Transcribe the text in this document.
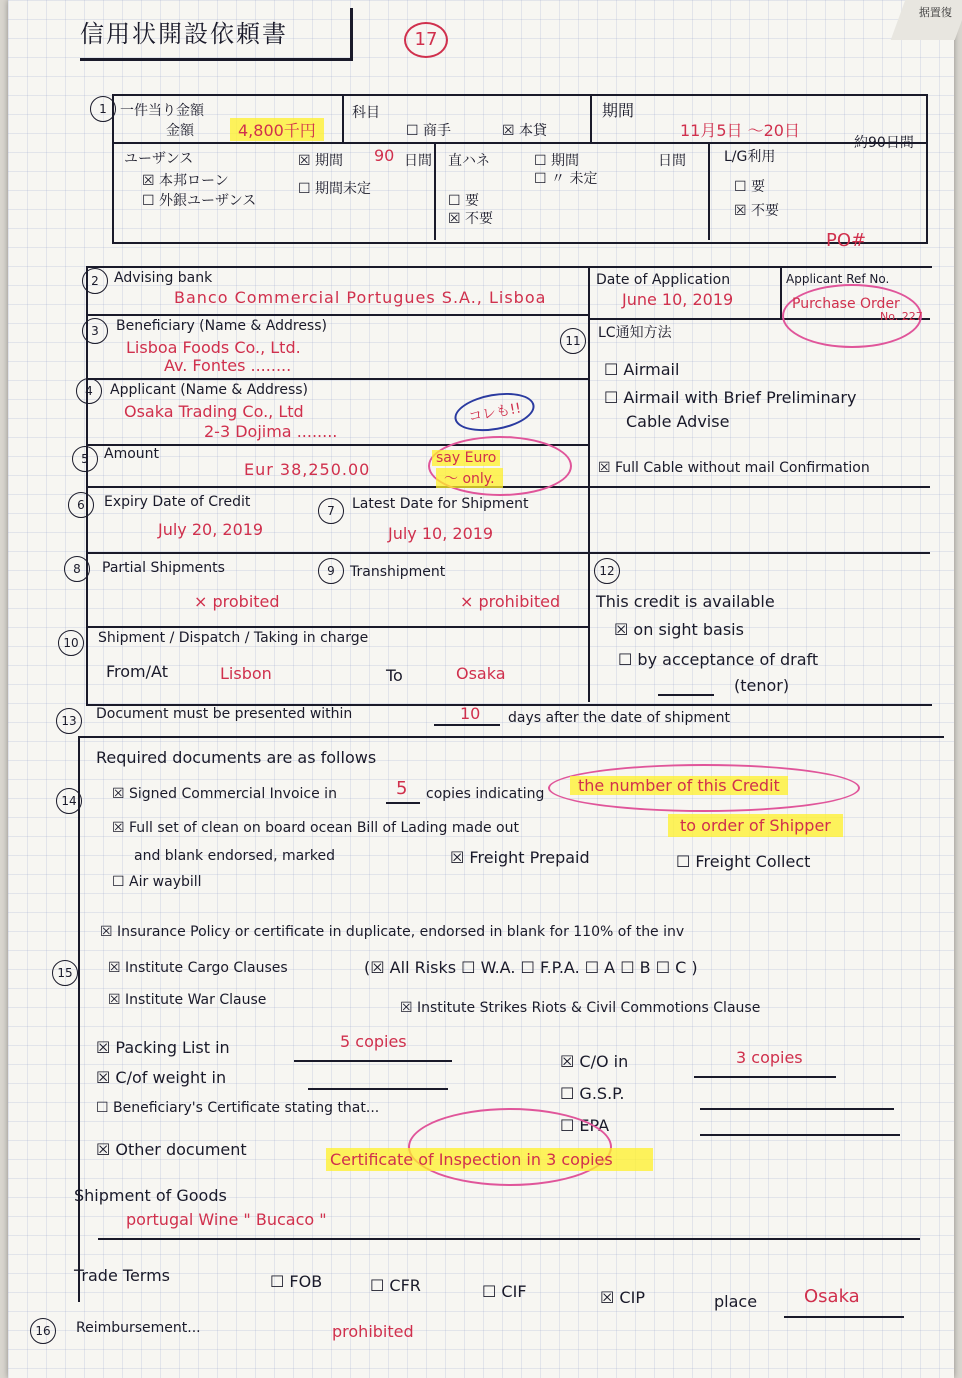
信用状開設依頼書	17
1 一件当り金額
金額	4,800千円
科目
☐ 商手	☒ 本貸
期間
11月5日 〜20日
約90日間
ユーザンス
☒ 本邦ローン
☐ 外銀ユーザンス
☒ 期間 90 日間
☐ 期間未定
直ハネ
☐ 要
☒ 不要
☐ 期間	日間
☐ 〃 未定
L/G利用
☐ 要
☒ 不要
PO#
2	Advising bank
Banco Commercial Portugues S.A., Lisboa
Date of Application
June 10, 2019
Applicant Ref No.
Purchase Order
No. 227
3	Beneficiary (Name & Address)
Lisboa Foods Co., Ltd.
Av. Fontes ........
11	LC通知方法
☐ Airmail
☐ Airmail with Brief Preliminary
Cable Advise
☒ Full Cable without mail Confirmation
4	Applicant (Name & Address)
Osaka Trading Co., Ltd
2-3 Dojima ........
コレも!!
5	Amount
Eur 38,250.00
say Euro
〜 only.
6	Expiry Date of Credit
July 20, 2019
7	Latest Date for Shipment
July 10, 2019
8	Partial Shipments
× probited
9	Transhipment
× prohibited
12
This credit is available
☒ on sight basis
☐ by acceptance of draft
(tenor)
10	Shipment / Dispatch / Taking in charge
From/At	Lisbon	To	Osaka
13	Document must be presented within	10 days after the date of shipment
14
Required documents are as follows
☒ Signed Commercial Invoice in	5 copies indicating	the number of this Credit
☒ Full set of clean on board ocean Bill of Lading made out	to order of Shipper
and blank endorsed, marked	☒ Freight Prepaid	☐ Freight Collect
☐ Air waybill
15
☒ Insurance Policy or certificate in duplicate, endorsed in blank for 110% of the inv
☒ Institute Cargo Clauses	(☒ All Risks ☐ W.A. ☐ F.P.A. ☐ A ☐ B ☐ C )
☒ Institute War Clause	☒ Institute Strikes Riots & Civil Commotions Clause
☒ Packing List in	5 copies
☒ C/O in	3 copies
☒ C/of weight in
☐ G.S.P.
☐ Beneficiary's Certificate stating that...
☐ EPA
☒ Other document
Certificate of Inspection in 3 copies
Shipment of Goods
portugal Wine " Bucaco "
Trade Terms	☐ FOB	☐ CFR	☐ CIF	☒ CIP	place	Osaka
16	Reimbursement...	prohibited
据置復
